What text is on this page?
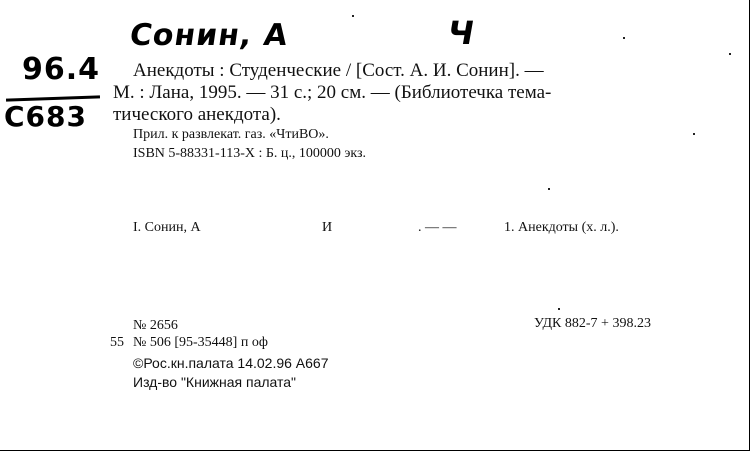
Сонин, А	Ч
96.4
С683
Анекдоты : Студенческие / [Сост. А. И. Сонин]. —
М. : Лана, 1995. — 31 с.; 20 см. — (Библиотечка тема-
тического анекдота).
Прил. к развлекат. газ. «ЧтиВО».
ISBN 5-88331-113-X : Б. ц., 100000 экз.
I. Сонин, А	И	. — —	1. Анекдоты (х. л.).
№ 2656	УДК 882-7 + 398.23
55 № 506 [95-35448] п оф
©Рос.кн.палата 14.02.96 А667
Изд-во "Книжная палата"
